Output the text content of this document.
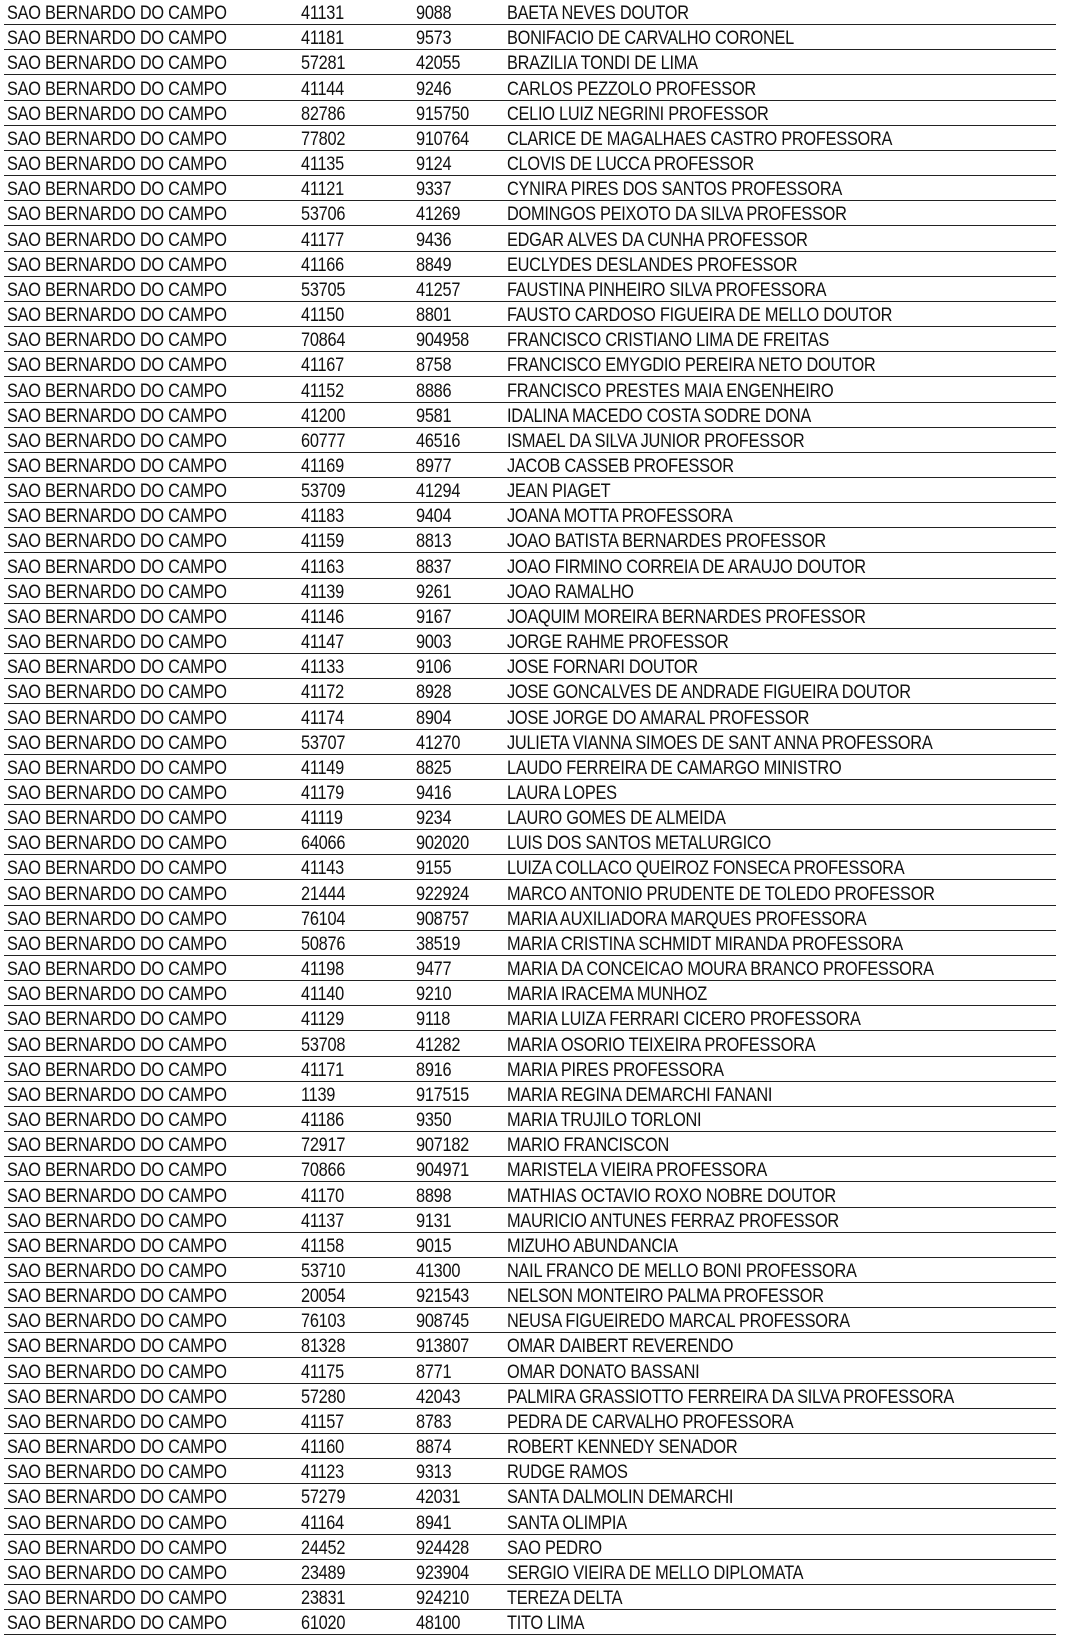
SAO BERNARDO DO CAMPO	41131	9088	BAETA NEVES DOUTOR
SAO BERNARDO DO CAMPO	41181	9573	BONIFACIO DE CARVALHO CORONEL
SAO BERNARDO DO CAMPO	57281	42055	BRAZILIA TONDI DE LIMA
SAO BERNARDO DO CAMPO	41144	9246	CARLOS PEZZOLO PROFESSOR
SAO BERNARDO DO CAMPO	82786	915750	CELIO LUIZ NEGRINI PROFESSOR
SAO BERNARDO DO CAMPO	77802	910764	CLARICE DE MAGALHAES CASTRO PROFESSORA
SAO BERNARDO DO CAMPO	41135	9124	CLOVIS DE LUCCA PROFESSOR
SAO BERNARDO DO CAMPO	41121	9337	CYNIRA PIRES DOS SANTOS PROFESSORA
SAO BERNARDO DO CAMPO	53706	41269	DOMINGOS PEIXOTO DA SILVA PROFESSOR
SAO BERNARDO DO CAMPO	41177	9436	EDGAR ALVES DA CUNHA PROFESSOR
SAO BERNARDO DO CAMPO	41166	8849	EUCLYDES DESLANDES PROFESSOR
SAO BERNARDO DO CAMPO	53705	41257	FAUSTINA PINHEIRO SILVA PROFESSORA
SAO BERNARDO DO CAMPO	41150	8801	FAUSTO CARDOSO FIGUEIRA DE MELLO DOUTOR
SAO BERNARDO DO CAMPO	70864	904958	FRANCISCO CRISTIANO LIMA DE FREITAS
SAO BERNARDO DO CAMPO	41167	8758	FRANCISCO EMYGDIO PEREIRA NETO DOUTOR
SAO BERNARDO DO CAMPO	41152	8886	FRANCISCO PRESTES MAIA ENGENHEIRO
SAO BERNARDO DO CAMPO	41200	9581	IDALINA MACEDO COSTA SODRE DONA
SAO BERNARDO DO CAMPO	60777	46516	ISMAEL DA SILVA JUNIOR PROFESSOR
SAO BERNARDO DO CAMPO	41169	8977	JACOB CASSEB PROFESSOR
SAO BERNARDO DO CAMPO	53709	41294	JEAN PIAGET
SAO BERNARDO DO CAMPO	41183	9404	JOANA MOTTA PROFESSORA
SAO BERNARDO DO CAMPO	41159	8813	JOAO BATISTA BERNARDES PROFESSOR
SAO BERNARDO DO CAMPO	41163	8837	JOAO FIRMINO CORREIA DE ARAUJO DOUTOR
SAO BERNARDO DO CAMPO	41139	9261	JOAO RAMALHO
SAO BERNARDO DO CAMPO	41146	9167	JOAQUIM MOREIRA BERNARDES PROFESSOR
SAO BERNARDO DO CAMPO	41147	9003	JORGE RAHME PROFESSOR
SAO BERNARDO DO CAMPO	41133	9106	JOSE FORNARI DOUTOR
SAO BERNARDO DO CAMPO	41172	8928	JOSE GONCALVES DE ANDRADE FIGUEIRA DOUTOR
SAO BERNARDO DO CAMPO	41174	8904	JOSE JORGE DO AMARAL PROFESSOR
SAO BERNARDO DO CAMPO	53707	41270	JULIETA VIANNA SIMOES DE SANT ANNA PROFESSORA
SAO BERNARDO DO CAMPO	41149	8825	LAUDO FERREIRA DE CAMARGO MINISTRO
SAO BERNARDO DO CAMPO	41179	9416	LAURA LOPES
SAO BERNARDO DO CAMPO	41119	9234	LAURO GOMES DE ALMEIDA
SAO BERNARDO DO CAMPO	64066	902020	LUIS DOS SANTOS METALURGICO
SAO BERNARDO DO CAMPO	41143	9155	LUIZA COLLACO QUEIROZ FONSECA PROFESSORA
SAO BERNARDO DO CAMPO	21444	922924	MARCO ANTONIO PRUDENTE DE TOLEDO PROFESSOR
SAO BERNARDO DO CAMPO	76104	908757	MARIA AUXILIADORA MARQUES PROFESSORA
SAO BERNARDO DO CAMPO	50876	38519	MARIA CRISTINA SCHMIDT MIRANDA PROFESSORA
SAO BERNARDO DO CAMPO	41198	9477	MARIA DA CONCEICAO MOURA BRANCO PROFESSORA
SAO BERNARDO DO CAMPO	41140	9210	MARIA IRACEMA MUNHOZ
SAO BERNARDO DO CAMPO	41129	9118	MARIA LUIZA FERRARI CICERO PROFESSORA
SAO BERNARDO DO CAMPO	53708	41282	MARIA OSORIO TEIXEIRA PROFESSORA
SAO BERNARDO DO CAMPO	41171	8916	MARIA PIRES PROFESSORA
SAO BERNARDO DO CAMPO	1139	917515	MARIA REGINA DEMARCHI FANANI
SAO BERNARDO DO CAMPO	41186	9350	MARIA TRUJILO TORLONI
SAO BERNARDO DO CAMPO	72917	907182	MARIO FRANCISCON
SAO BERNARDO DO CAMPO	70866	904971	MARISTELA VIEIRA PROFESSORA
SAO BERNARDO DO CAMPO	41170	8898	MATHIAS OCTAVIO ROXO NOBRE DOUTOR
SAO BERNARDO DO CAMPO	41137	9131	MAURICIO ANTUNES FERRAZ PROFESSOR
SAO BERNARDO DO CAMPO	41158	9015	MIZUHO ABUNDANCIA
SAO BERNARDO DO CAMPO	53710	41300	NAIL FRANCO DE MELLO BONI PROFESSORA
SAO BERNARDO DO CAMPO	20054	921543	NELSON MONTEIRO PALMA PROFESSOR
SAO BERNARDO DO CAMPO	76103	908745	NEUSA FIGUEIREDO MARCAL PROFESSORA
SAO BERNARDO DO CAMPO	81328	913807	OMAR DAIBERT REVERENDO
SAO BERNARDO DO CAMPO	41175	8771	OMAR DONATO BASSANI
SAO BERNARDO DO CAMPO	57280	42043	PALMIRA GRASSIOTTO FERREIRA DA SILVA PROFESSORA
SAO BERNARDO DO CAMPO	41157	8783	PEDRA DE CARVALHO PROFESSORA
SAO BERNARDO DO CAMPO	41160	8874	ROBERT KENNEDY SENADOR
SAO BERNARDO DO CAMPO	41123	9313	RUDGE RAMOS
SAO BERNARDO DO CAMPO	57279	42031	SANTA DALMOLIN DEMARCHI
SAO BERNARDO DO CAMPO	41164	8941	SANTA OLIMPIA
SAO BERNARDO DO CAMPO	24452	924428	SAO PEDRO
SAO BERNARDO DO CAMPO	23489	923904	SERGIO VIEIRA DE MELLO DIPLOMATA
SAO BERNARDO DO CAMPO	23831	924210	TEREZA DELTA
SAO BERNARDO DO CAMPO	61020	48100	TITO LIMA
